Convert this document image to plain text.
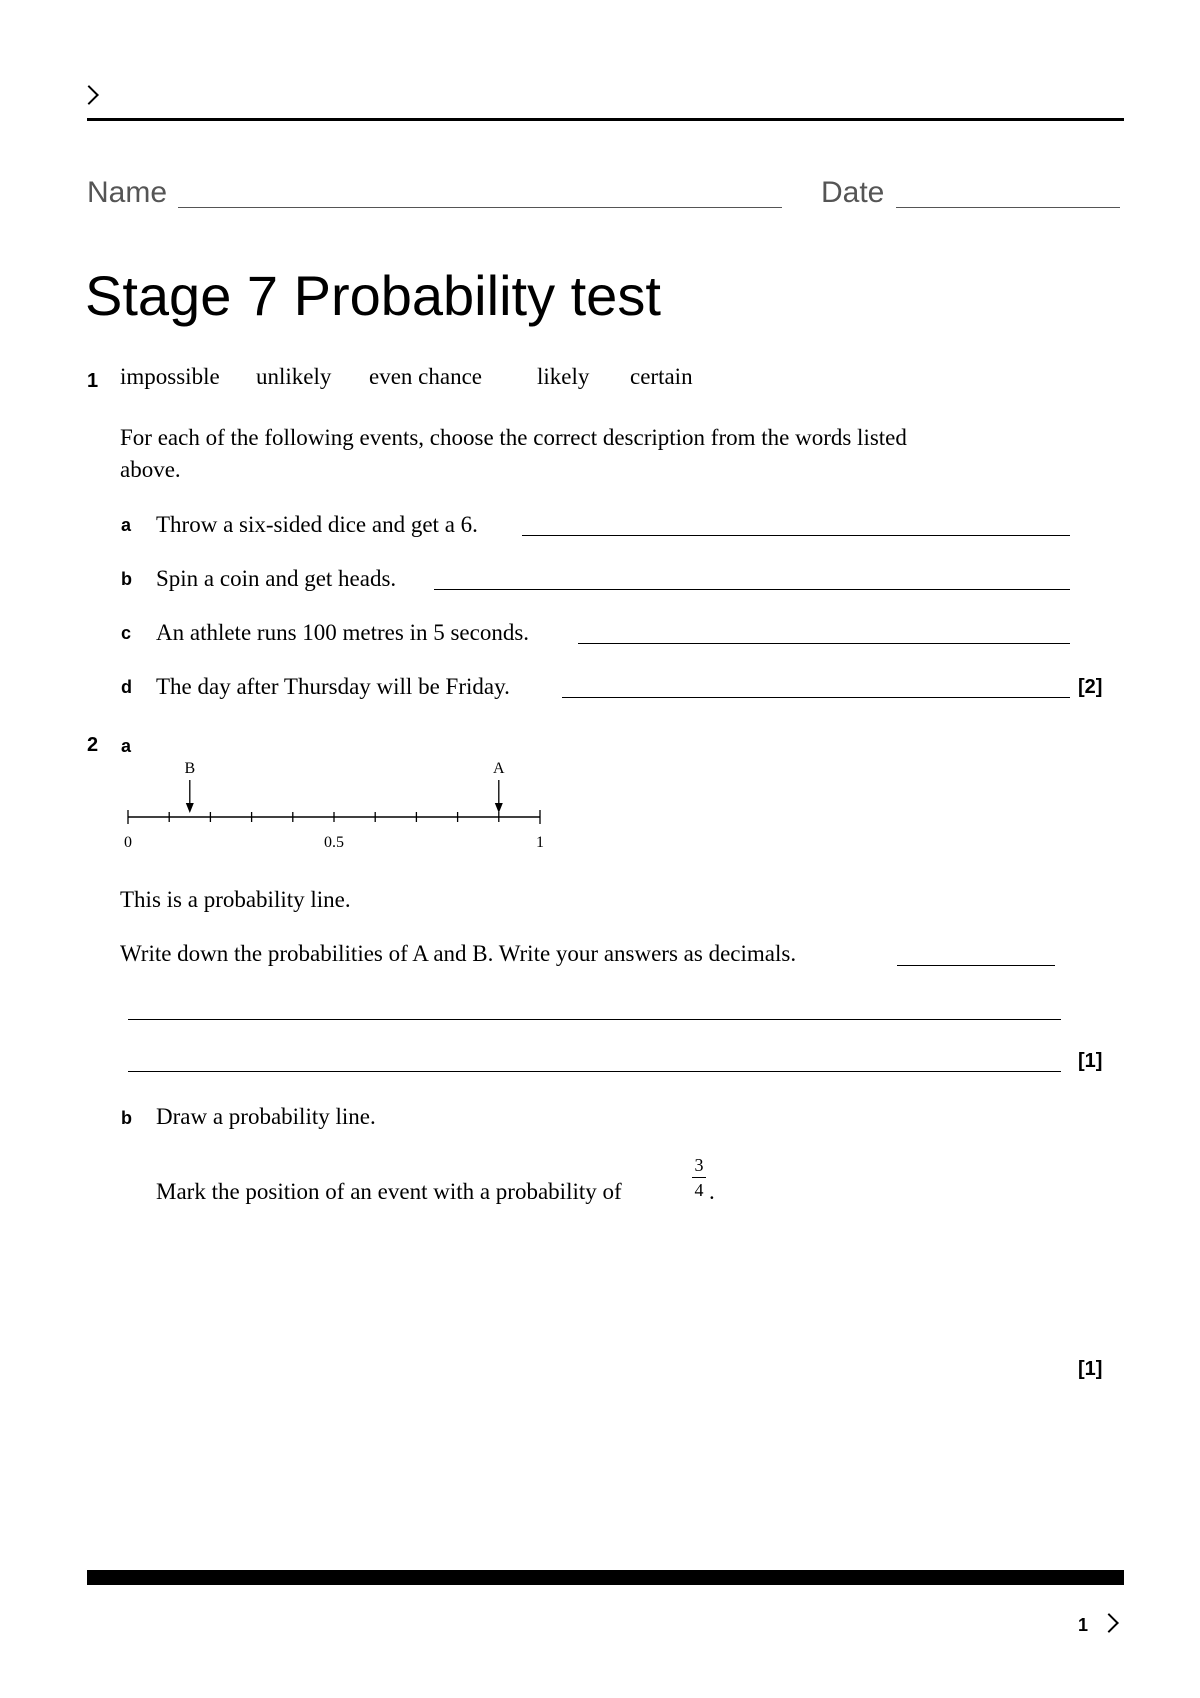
Name	Date
Stage 7 Probability test
1 impossible unlikely even chance likely certain
For each of the following events, choose the correct description from the words listed
above.
a Throw a six-sided dice and get a 6.
b Spin a coin and get heads.
c An athlete runs 100 metres in 5 seconds.
d The day after Thursday will be Friday.	[2]
2 a
0	0.5	1
B	A
This is a probability line.
Write down the probabilities of A and B. Write your answers as decimals.
[1]
b Draw a probability line.
Mark the position of an event with a probability of
3
4 .
[1]
1
